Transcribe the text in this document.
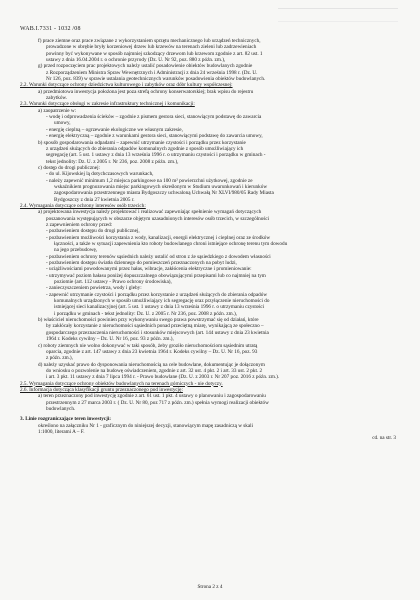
WAB.I.7331 - 1032 /08
f) prace ziemne oraz prace związane z wykorzystaniem sprzętu mechanicznego lub urządzeń technicznych,
prowadzone w obrębie bryły korzeniowej drzew lub krzewów na terenach zieleni lub zadrzewieniach
powinny być wykonywane w sposób najmniej szkodzący drzewom lub krzewom zgodnie z art. 82 ust. 1
ustawy z dnia 16.04.2004 r. o ochronie przyrody (Dz. U. Nr 92, poz. 880 z późn. zm.),
g) przed rozpoczęciem prac projektowych należy ustalić posadowienie obiektów budowlanych zgodnie
z Rozporządzeniem Ministra Spraw Wewnętrznych i Administracji z dnia 24 września 1998 r. (Dz. U.
Nr 126, poz. 839) w sprawie ustalania geotechnicznych warunków posadowienia obiektów budowlanych.
2.2. Warunki dotyczące ochrony dziedzictwa kulturowego i zabytków oraz dóbr kultury współczesnej:
a) przedmiotowa inwestycja położona jest poza strefą ochrony konserwatorskiej; brak wpisu do rejestru
zabytków.
2.3. Warunki dotyczące obsługi w zakresie infrastruktury technicznej i komunikacji:
a) zaopatrzenie w:
- wodę i odprowadzenia ścieków – zgodnie z pismem gestora sieci, stanowiącym podstawę do zawarcia
umowy,
- energię cieplną – ogrzewanie ekologiczne we własnym zakresie,
- energię elektryczną – zgodnie z warunkami gestora sieci, stanowiącymi podstawę do zawarcia umowy,
b) sposób gospodarowania odpadami – zapewnić utrzymanie czystości i porządku przez korzystanie
z urządzeń służących do zbierania odpadów komunalnych zgodnie z sposób umożliwiający ich
segregację (art. 5 ust. 1 ustawy z dnia 13 września 1996 r. o utrzymaniu czystości i porządku w gminach -
tekst jednolity: Dz. U. z 2005 r. Nr 236, poz. 2008 z późn. zm.),
c) dostęp do drogi publicznej:
- do ul. Kijowskiej lą dotychczasowych warunkach,
- należy zapewnić minimum 1,2 miejsca parkingowe na 100 m² powierzchni użytkowej, zgodnie ze
wskaźnikiem prognozowania miejsc parkingowych określonym w Studium uwarunkowań i kierunków
zagospodarowania przestrzennego miasta Bydgoszczy uchwaloną Uchwałą Nr XLVI/980/05 Rady Miasta
Bydgoszczy z dnia 27 kwietnia 2005 r.
2.4. Wymagania dotyczące ochrony interesów osób trzecich:
a) projektowana inwestycja należy projektować i realizować zapewniając spełnienie wymagań dotyczących
poszanowania występujących w obszarze objętym uzasadnionych interesów osób trzecich, w szczególności
z zapewnieniem ochrony przed:
- pozbawieniem dostępu do drogi publicznej,
- pozbawieniem możliwości korzystania z wody, kanalizacji, energii elektrycznej i cieplnej oraz ze środków
łączności, a także w sytuacji zapewnienia kto roboty budowlanego chroni istniejące ochronę terenu tym dowodu
na jego przebudowę,
- pozbawieniem ochrony terenów sąsiednich należy ustalić od stron z że sąsiedzkiego z dowodem własności
- pozbawieniem dostępu światła dziennego do pomieszczeń przeznaczonych na pobyt ludzi,
- uciążliwościami powodowanymi przez hałas, wibracje, zakłócenia elektryczne i promieniowanie:
- utrzymywać poziom hałasu poniżej dopuszczalnego obowiązującymi przepisami lub co najmniej na tym
poziomie (art. 112 ustawy - Prawo ochrony środowiska),
- zanieczyszczeniem powietrza, wody i gleby:
- zapewnić utrzymanie czystości i porządku przez korzystanie z urządzeń służących do zbierania odpadów
komunalnych urządzonych w sposób umożliwiający ich segregację oraz przyłączenie nieruchomości do
istniejącej sieci kanalizacyjnej (art. 5 ust. 1 ustawy z dnia 13 września 1996 r. o utrzymaniu czystości
i porządku w gminach - tekst jednolity: Dz. U. z 2005 r. Nr 236, poz. 2008 z późn. zm.),
b) właściciel nieruchomości powinien przy wykonywaniu swego prawa powstrzymać się od działań, które
by zakłócały korzystanie z nieruchomości sąsiednich ponad przeciętną miarę, wynikającą ze społeczno –
gospodarczego przeznaczenia nieruchomości i stosunków miejscowych (art. 144 ustawy z dnia 23 kwietnia
1964 r. Kodeks cywilny – Dz. U. Nr 16, poz. 93 z późn. zm.),
c) roboty ziemnych nie wolno dokonywać w taki sposób, żeby groziło nieruchomościom sąsiednim utratą
oparcia, zgodnie z art. 147 ustawy z dnia 23 kwietnia 1964 r. Kodeks cywilny – Dz. U. Nr 16, poz. 93
z późn. zm.),
d) należy uzyskać prawo do dysponowania nieruchomością na cele budowlane, dokumentując je dołączonym
do wniosku o pozwolenie na budowę oświadczeniem, zgodnie z art. 32 ust. 4 pkt. 2 i art. 33 ust. 2 pkt. 2
i art. 3 pkt. 11 ustawy z dnia 7 lipca 1994 r. - Prawo budowlane (Dz. U. z 2003 r. Nr 207 poz. 2016 z późn. zm.).
2.5. Wymagania dotyczące ochrony obiektów budowlanych na terenach górniczych - nie dotyczy.
2.6. Informacja dotycząca klasyfikacji gruntu przeznaczonego pod inwestycję:
a) teren przeznaczony pod inwestycję zgodnie z art. 61 ust. 1 pkt. 4 ustawy o planowaniu i zagospodarowaniu
przestrzennym z 27 marca 2003 r. ( Dz. U. Nr 80, poz 717 z późn. zm.) spełnia wymogi realizacji obiektów
budowlanych.
3. Linie rozgraniczające teren inwestycji:
określono na załączniku Nr 1 - graficznym do niniejszej decyzji, stanowiącym mapę zasadniczą w skali
1:1000, literami A – F.
cd. na str. 3
Strona 2 z 4
